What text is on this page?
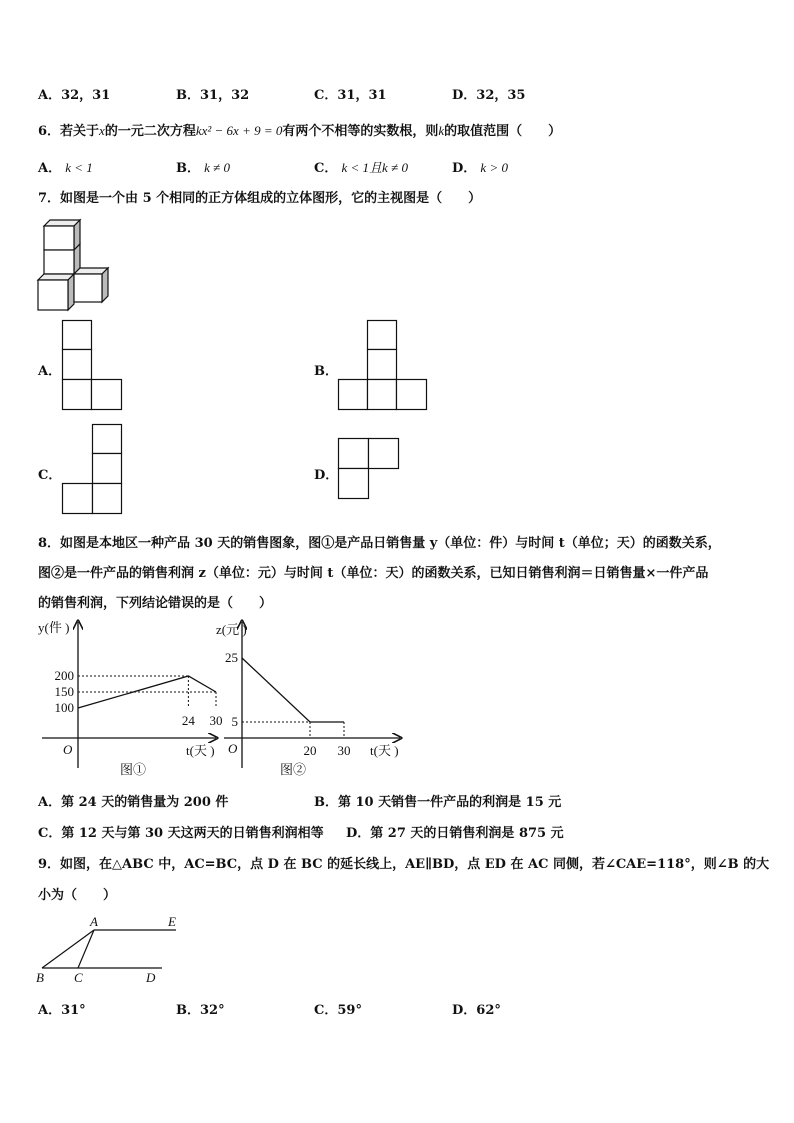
A．32，31	B．31，32	C．31，31	D．32，35
6．若关于x的一元二次方程kx² − 6x + 9 = 0有两个不相等的实数根，则k的取值范围（　　）
A． k < 1	B． k ≠ 0	C． k < 1且k ≠ 0	D． k > 0
7．如图是一个由 5 个相同的正方体组成的立体图形，它的主视图是（　　）
A．	B．
C．	D．
8．如图是本地区一种产品 30 天的销售图象，图①是产品日销售量 y（单位：件）与时间 t（单位；天）的函数关系，
图②是一件产品的销售利润 z（单位：元）与时间 t（单位：天）的函数关系，已知日销售利润＝日销售量×一件产品
的销售利润，下列结论错误的是（　　）
y(件 )
t(天 )
O
200
150
100
24 30
图①
z(元 )
t(天 )
O
25
5
20 30
图②
A．第 24 天的销售量为 200 件	B．第 10 天销售一件产品的利润是 15 元
C．第 12 天与第 30 天这两天的日销售利润相等 D．第 27 天的日销售利润是 875 元
9．如图，在△ABC 中，AC=BC，点 D 在 BC 的延长线上，AE∥BD，点 ED 在 AC 同侧，若∠CAE=118°，则∠B 的大
小为（　　）
A	E
B C	D
A．31°	B．32°	C．59°	D．62°
